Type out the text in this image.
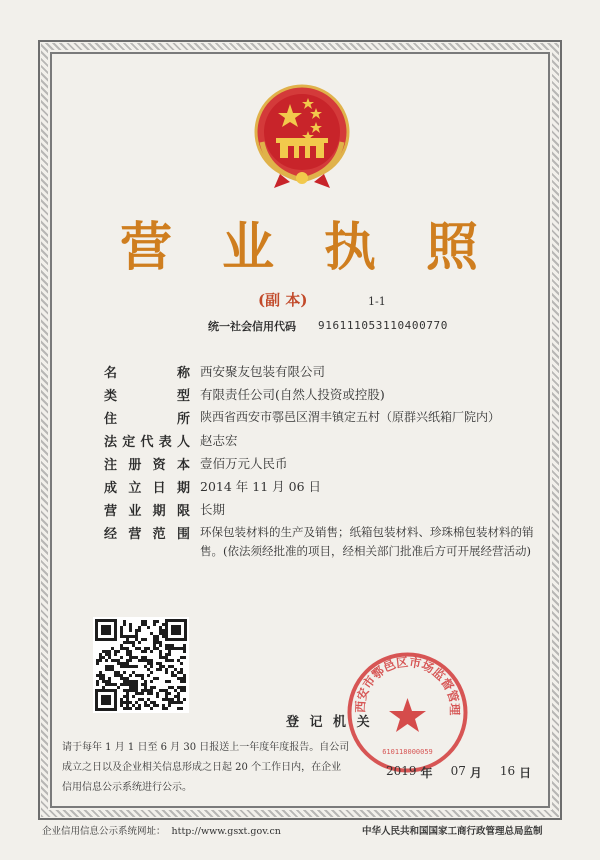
营 业 执 照
(副 本)	1-1
统一社会信用代码 916111053110400770
名	称 西安聚友包装有限公司
类	型 有限责任公司(自然人投资或控股)
住	所 陕西省西安市鄠邑区渭丰镇定五村（原群兴纸箱厂院内）
法 定 代 表 人 赵志宏
注 册 资 本 壹佰万元人民币
成 立 日 期 2014 年 11 月 06 日
营 业 期 限 长期
经 营 范 围 环保包装材料的生产及销售；纸箱包装材料、珍珠棉包装材料的销售。(依法须经批准的项目，经相关部门批准后方可开展经营活动)
登 记 机 关
西安市鄠邑区市场监督管理
610118000059
请于每年 1 月 1 日至 6 月 30 日报送上一年度年度报告。自公司
成立之日以及企业相关信息形成之日起 20 个工作日内，在企业
信用信息公示系统进行公示。
2019 年 07 月 16 日
企业信用信息公示系统网址： http://www.gsxt.gov.cn	中华人民共和国国家工商行政管理总局监制
